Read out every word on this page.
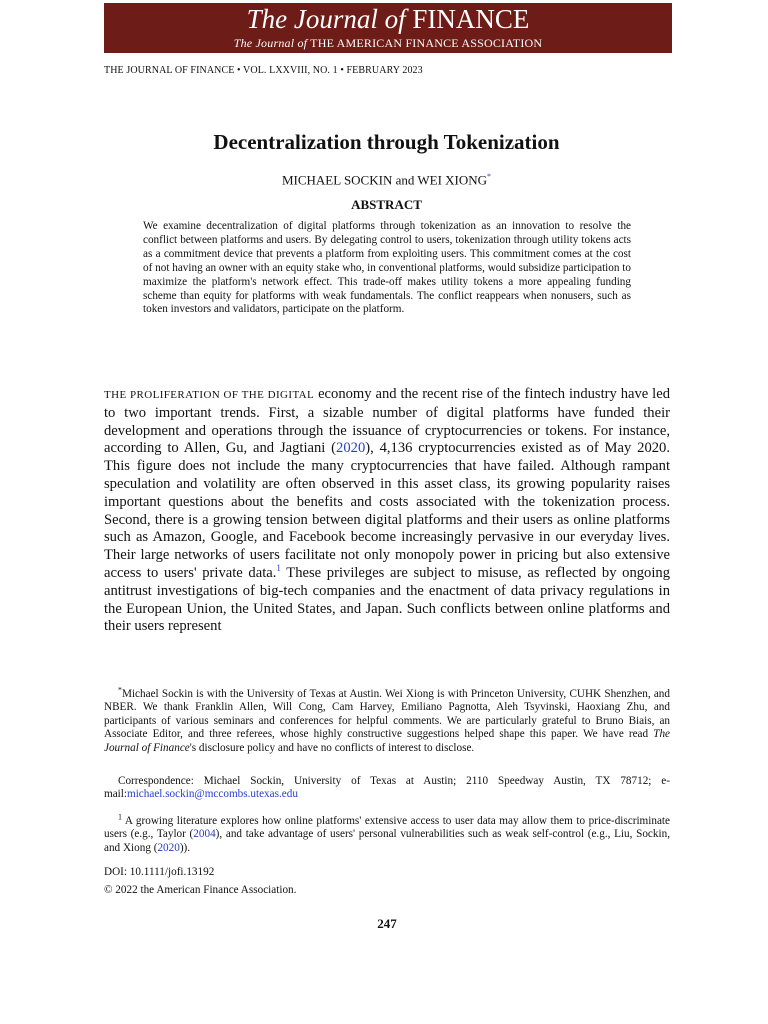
The Journal of FINANCE
The Journal of THE AMERICAN FINANCE ASSOCIATION
THE JOURNAL OF FINANCE • VOL. LXXVIII, NO. 1 • FEBRUARY 2023
Decentralization through Tokenization
MICHAEL SOCKIN and WEI XIONG*
ABSTRACT

We examine decentralization of digital platforms through tokenization as an innovation to resolve the conflict between platforms and users. By delegating control to users, tokenization through utility tokens acts as a commitment device that prevents a platform from exploiting users. This commitment comes at the cost of not having an owner with an equity stake who, in conventional platforms, would subsidize participation to maximize the platform's network effect. This trade-off makes utility tokens a more appealing funding scheme than equity for platforms with weak fundamentals. The conflict reappears when nonusers, such as token investors and validators, participate on the platform.

THE PROLIFERATION OF THE DIGITAL economy and the recent rise of the fintech industry have led to two important trends. First, a sizable number of digital platforms have funded their development and operations through the issuance of cryptocurrencies or tokens. For instance, according to Allen, Gu, and Jagtiani (2020), 4,136 cryptocurrencies existed as of May 2020. This figure does not include the many cryptocurrencies that have failed. Although rampant speculation and volatility are often observed in this asset class, its growing popularity raises important questions about the benefits and costs associated with the tokenization process. Second, there is a growing tension between digital platforms and their users as online platforms such as Amazon, Google, and Facebook become increasingly pervasive in our everyday lives. Their large networks of users facilitate not only monopoly power in pricing but also extensive access to users' private data.$^1$ These privileges are subject to misuse, as reflected by ongoing antitrust investigations of big-tech companies and the enactment of data privacy regulations in the European Union, the United States, and Japan. Such conflicts between online platforms and their users represent

*Michael Sockin is with the University of Texas at Austin. Wei Xiong is with Princeton University, CUHK Shenzhen, and NBER. We thank Franklin Allen, Will Cong, Cam Harvey, Emiliano Pagnotta, Aleh Tsyvinski, Haoxiang Zhu, and participants of various seminars and conferences for helpful comments. We are particularly grateful to Bruno Biais, an Associate Editor, and three referees, whose highly constructive suggestions helped shape this paper. We have read The Journal of Finance's disclosure policy and have no conflicts of interest to disclose.

Correspondence: Michael Sockin, University of Texas at Austin; 2110 Speedway Austin, TX 78712; e-mail:michael.sockin@mccombs.utexas.edu

$^1$ A growing literature explores how online platforms' extensive access to user data may allow them to price-discriminate users (e.g., Taylor (2004), and take advantage of users' personal vulnerabilities such as weak self-control (e.g., Liu, Sockin, and Xiong (2020)).

DOI: 10.1111/jofi.13192
© 2022 the American Finance Association.
247
